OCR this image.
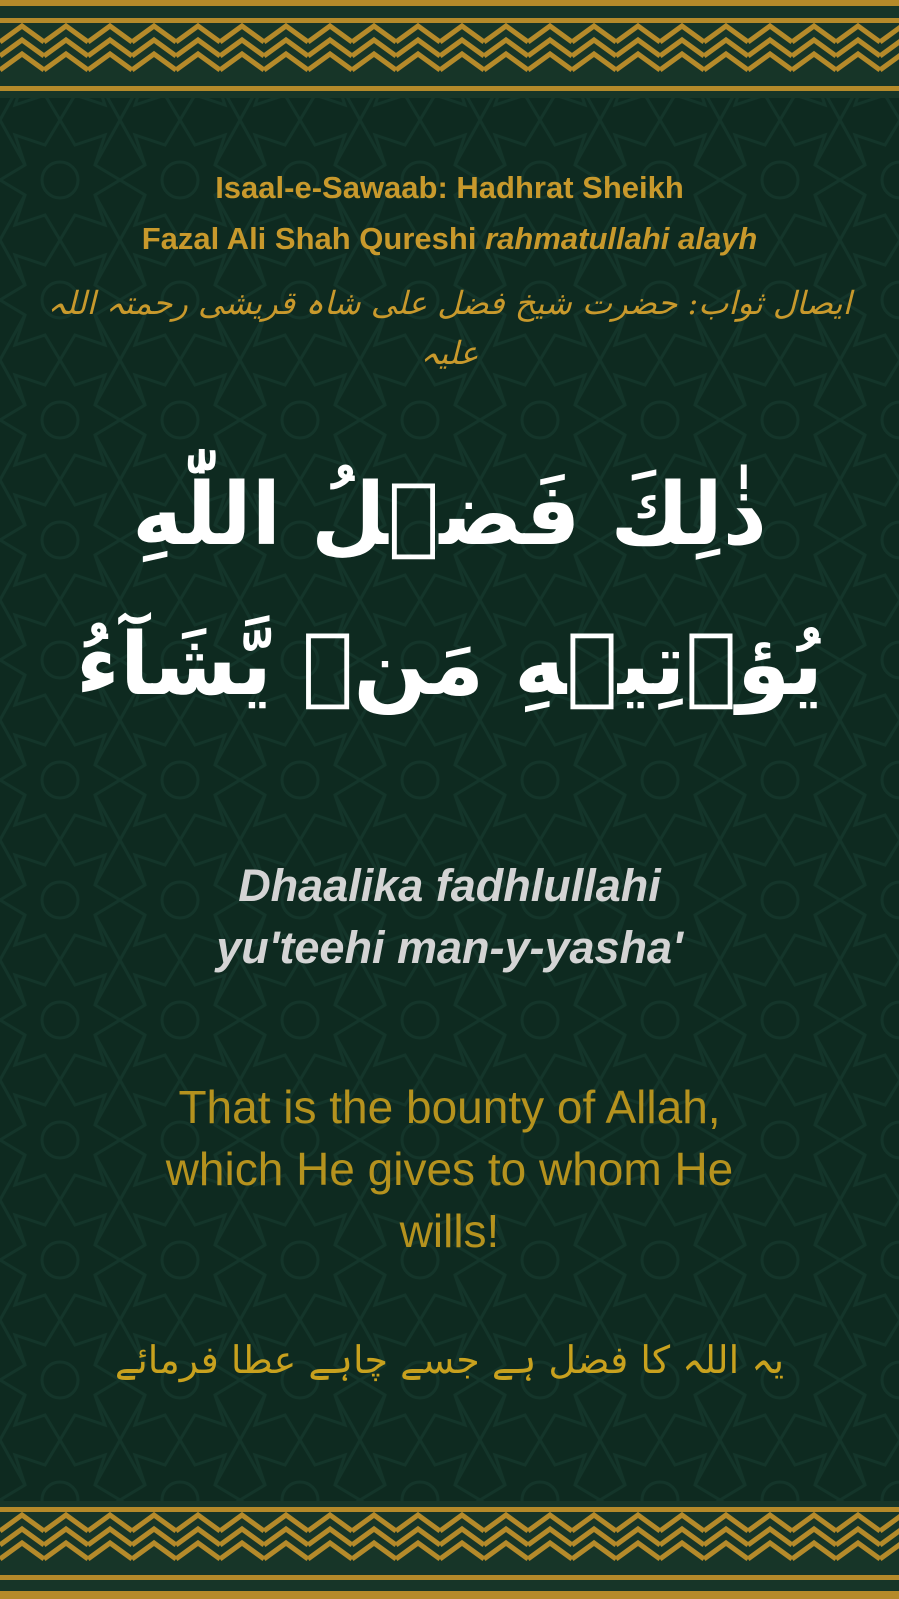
Isaal-e-Sawaab: Hadhrat Sheikh
Fazal Ali Shah Qureshi rahmatullahi alayh
ایصال ثواب: حضرت شیخ فضل علی شاہ قریشی رحمتہ اللہ علیہ
ذٰلِكَ فَضۡلُ اللّٰهِ
يُؤۡتِيۡهِ مَنۡ يَّشَآءُ
Dhaalika fadhlullahi
yu'teehi man-y-yasha'
That is the bounty of Allah, which He gives to whom He wills!
یہ اللہ کا فضل ہے جسے چاہے عطا فرمائے
